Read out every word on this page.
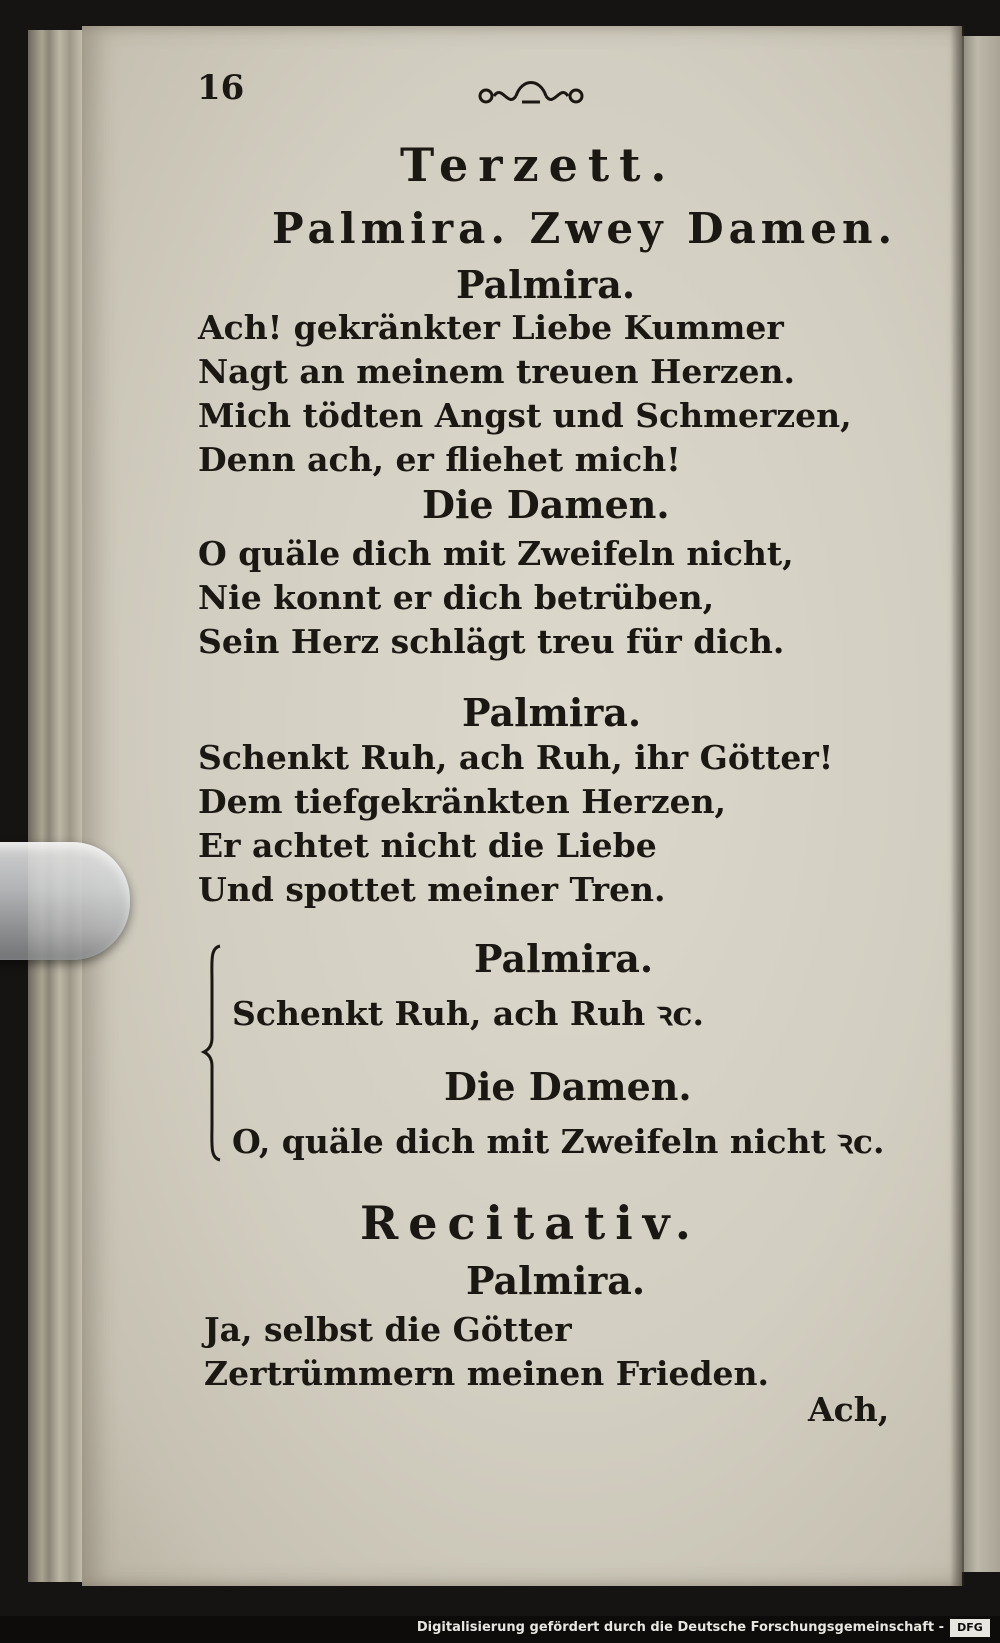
16
Terzett.
Palmira. Zwey Damen.
Palmira.
Ach! gekränkter Liebe Kummer
Nagt an meinem treuen Herzen.
Mich tödten Angst und Schmerzen,
Denn ach, er fliehet mich!
Die Damen.
O quäle dich mit Zweifeln nicht,
Nie konnt er dich betrüben,
Sein Herz schlägt treu für dich.
Palmira.
Schenkt Ruh, ach Ruh, ihr Götter!
Dem tiefgekränkten Herzen,
Er achtet nicht die Liebe
Und spottet meiner Tren.
Palmira.
Schenkt Ruh, ach Ruh ꝛc.
Die Damen.
O, quäle dich mit Zweifeln nicht ꝛc.
Recitativ.
Palmira.
Ja, selbst die Götter
Zertrümmern meinen Frieden.
Ach,
Digitalisierung gefördert durch die Deutsche Forschungsgemeinschaft -	DFG
